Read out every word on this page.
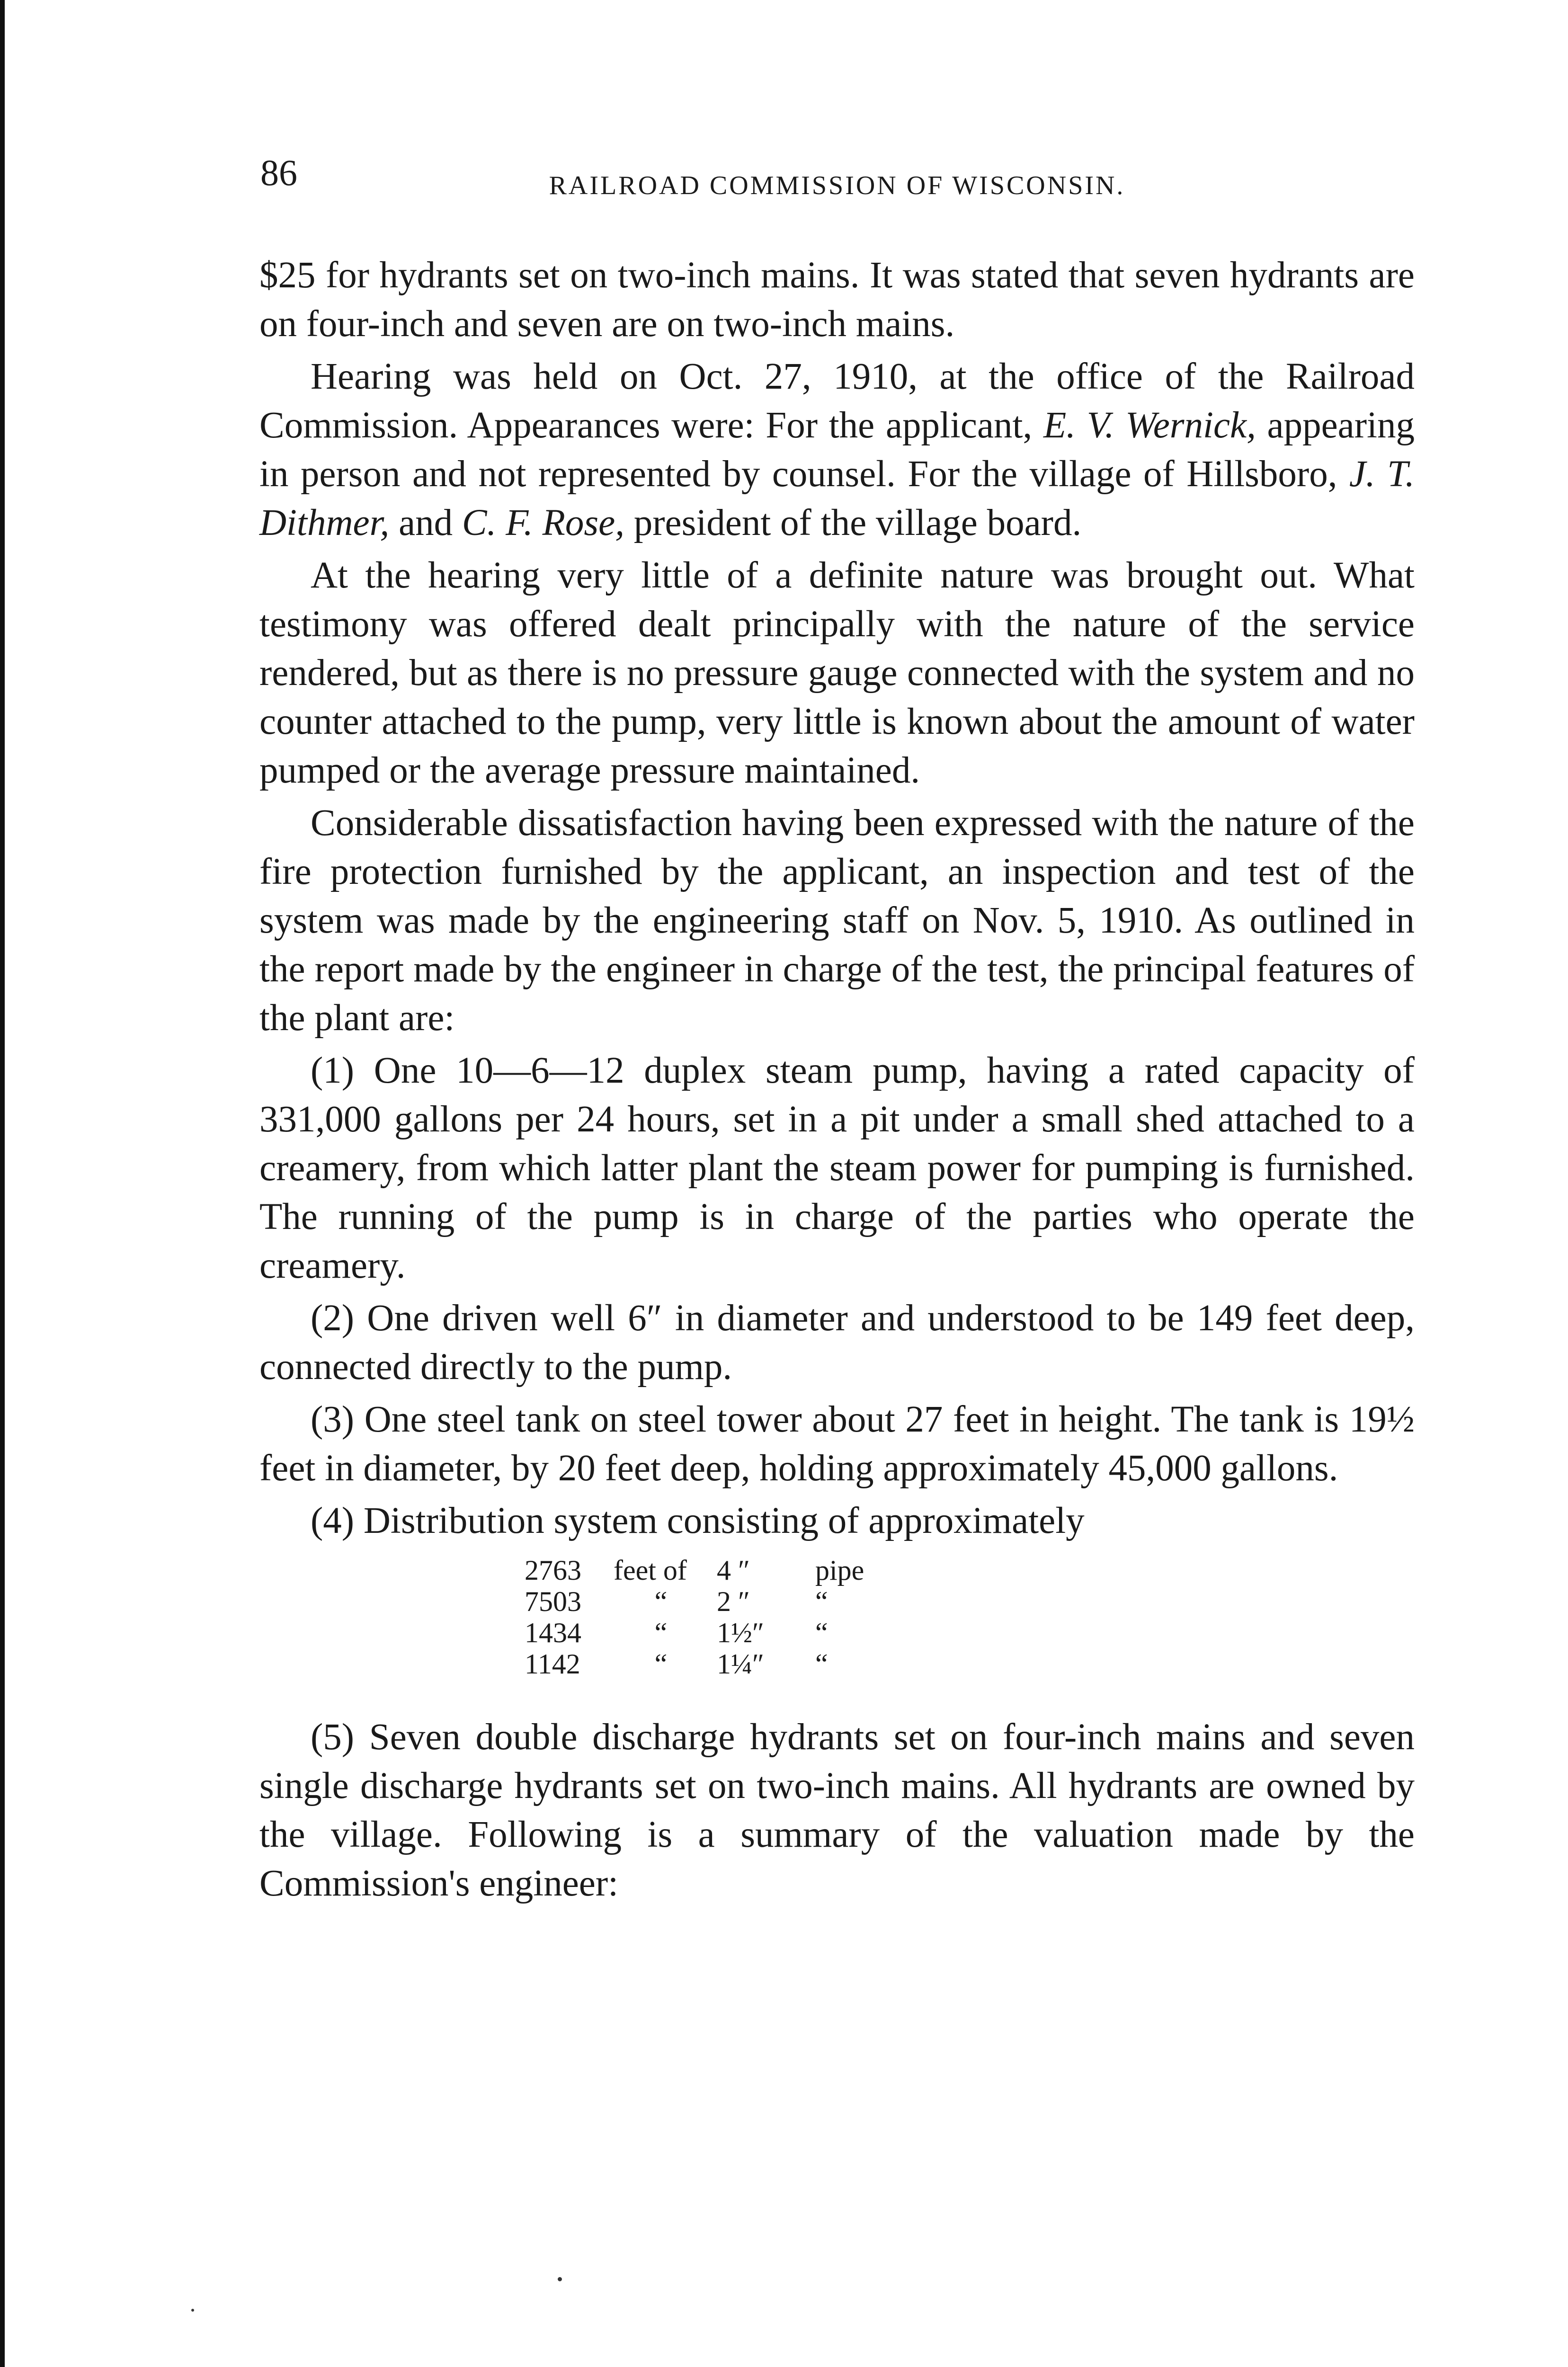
86	RAILROAD COMMISSION OF WISCONSIN.

$25 for hydrants set on two-inch mains. It was stated that seven hydrants are on four-inch and seven are on two-inch mains.

Hearing was held on Oct. 27, 1910, at the office of the Railroad Commission. Appearances were: For the applicant, E. V. Wernick, appearing in person and not represented by counsel. For the village of Hillsboro, J. T. Dithmer, and C. F. Rose, president of the village board.

At the hearing very little of a definite nature was brought out. What testimony was offered dealt principally with the nature of the service rendered, but as there is no pressure gauge connected with the system and no counter attached to the pump, very little is known about the amount of water pumped or the average pressure maintained.

Considerable dissatisfaction having been expressed with the nature of the fire protection furnished by the applicant, an inspection and test of the system was made by the engineering staff on Nov. 5, 1910. As outlined in the report made by the engineer in charge of the test, the principal features of the plant are:

(1) One 10—6—12 duplex steam pump, having a rated capacity of 331,000 gallons per 24 hours, set in a pit under a small shed attached to a creamery, from which latter plant the steam power for pumping is furnished. The running of the pump is in charge of the parties who operate the creamery.

(2) One driven well 6″ in diameter and understood to be 149 feet deep, connected directly to the pump.

(3) One steel tank on steel tower about 27 feet in height. The tank is 19½ feet in diameter, by 20 feet deep, holding approximately 45,000 gallons.

(4) Distribution system consisting of approximately

2763	feet of	4 ″	pipe
7503	“	2 ″	“
1434	“	1½″	“
1142	“	1¼″	“

(5) Seven double discharge hydrants set on four-inch mains and seven single discharge hydrants set on two-inch mains. All hydrants are owned by the village. Following is a summary of the valuation made by the Commission's engineer:
